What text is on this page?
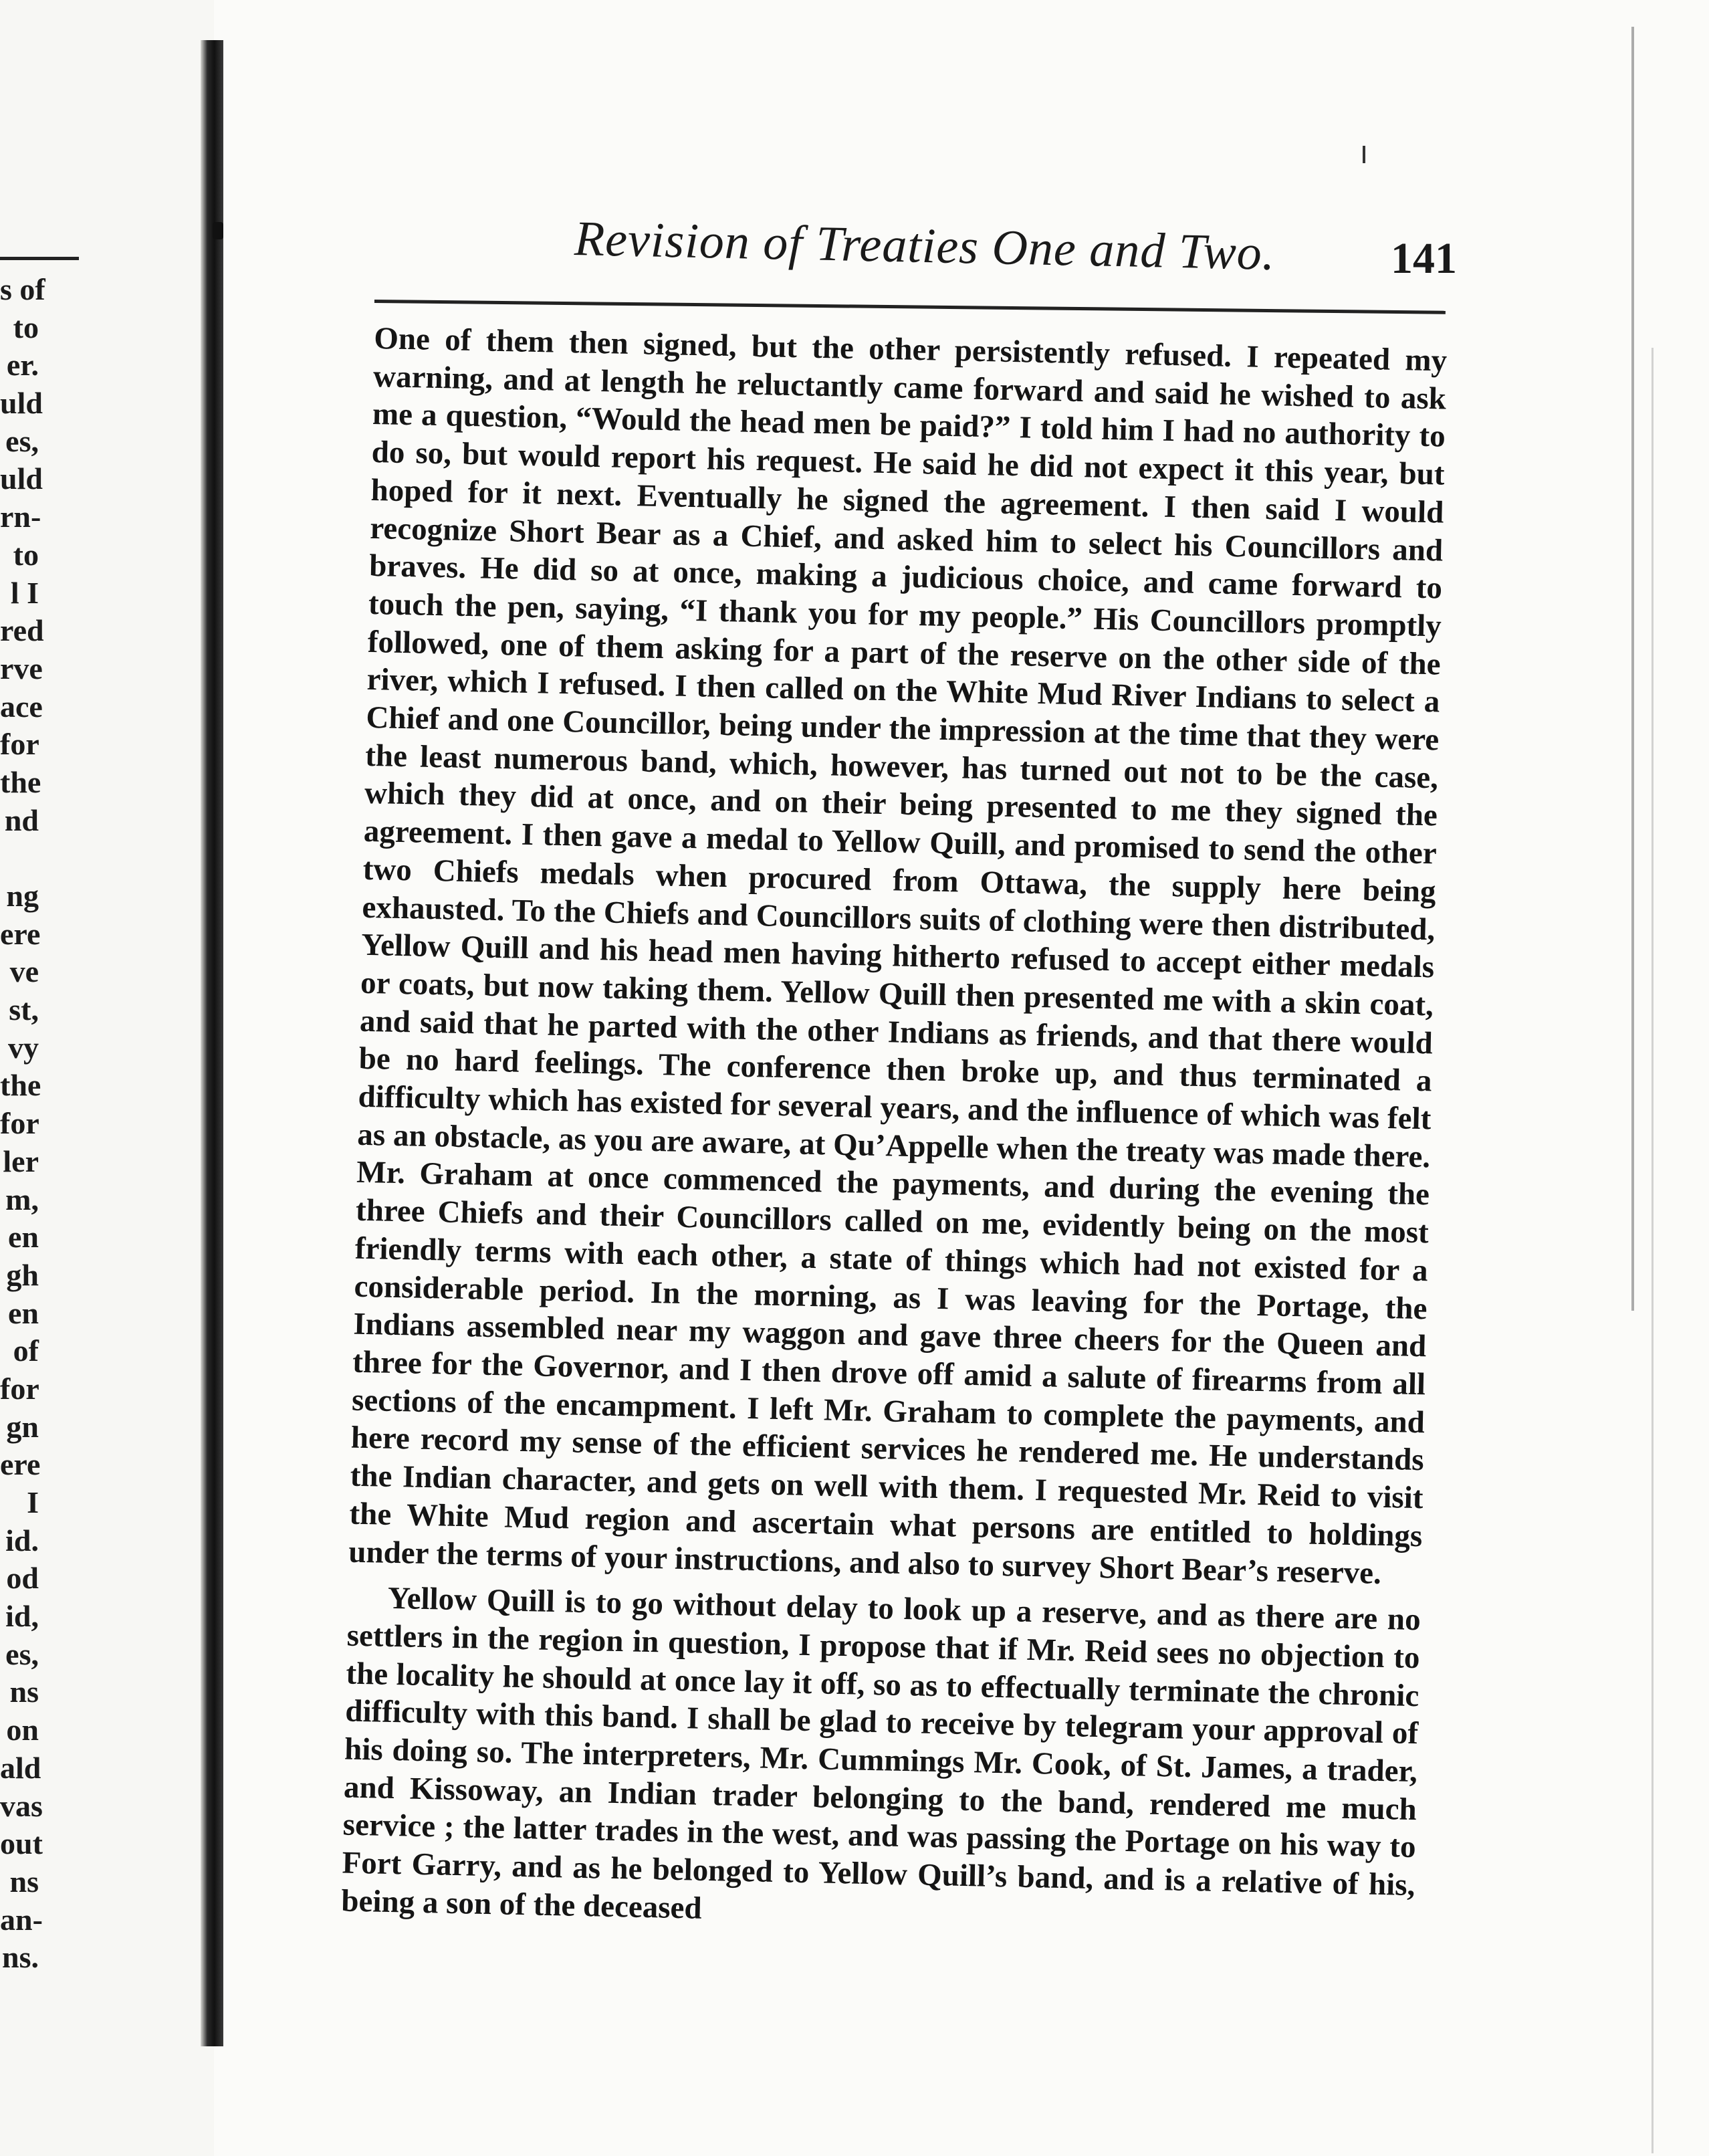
s of
to
er.
uld
es,
uld
rn-
to
l I
red
rve
ace
for
the
nd
ng
ere
ve
st,
vy
the
for
ler
m,
en
gh
en
of
for
gn
ere
I
id.
od
id,
es,
ns
on
ald
vas
out
ns
an-
ns.
Revision of Treaties One and Two.	141

One of them then signed, but the other persistently refused. I repeated my warning, and at length he reluctantly came forward and said he wished to ask me a question, “Would the head men be paid?” I told him I had no authority to do so, but would report his request. He said he did not expect it this year, but hoped for it next. Eventually he signed the agreement. I then said I would recognize Short Bear as a Chief, and asked him to select his Councillors and braves. He did so at once, making a judicious choice, and came forward to touch the pen, saying, “I thank you for my people.” His Councillors promptly followed, one of them asking for a part of the reserve on the other side of the river, which I refused. I then called on the White Mud River Indians to select a Chief and one Councillor, being under the impression at the time that they were the least numerous band, which, however, has turned out not to be the case, which they did at once, and on their being presented to me they signed the agreement. I then gave a medal to Yellow Quill, and promised to send the other two Chiefs medals when procured from Ottawa, the supply here being exhausted. To the Chiefs and Councillors suits of clothing were then distributed, Yellow Quill and his head men having hitherto refused to accept either medals or coats, but now taking them. Yellow Quill then presented me with a skin coat, and said that he parted with the other Indians as friends, and that there would be no hard feelings. The conference then broke up, and thus terminated a difficulty which has existed for several years, and the influence of which was felt as an obstacle, as you are aware, at Qu’Appelle when the treaty was made there. Mr. Graham at once commenced the payments, and during the evening the three Chiefs and their Councillors called on me, evidently being on the most friendly terms with each other, a state of things which had not existed for a considerable period. In the morning, as I was leaving for the Portage, the Indians assembled near my waggon and gave three cheers for the Queen and three for the Governor, and I then drove off amid a salute of firearms from all sections of the encampment. I left Mr. Graham to complete the payments, and here record my sense of the efficient services he rendered me. He understands the Indian character, and gets on well with them. I requested Mr. Reid to visit the White Mud region and ascertain what persons are entitled to holdings under the terms of your instructions, and also to survey Short Bear’s reserve.

Yellow Quill is to go without delay to look up a reserve, and as there are no settlers in the region in question, I propose that if Mr. Reid sees no objection to the locality he should at once lay it off, so as to effectually terminate the chronic difficulty with this band. I shall be glad to receive by telegram your approval of his doing so. The interpreters, Mr. Cummings Mr. Cook, of St. James, a trader, and Kissoway, an Indian trader belonging to the band, rendered me much service ; the latter trades in the west, and was passing the Portage on his way to Fort Garry, and as he belonged to Yellow Quill’s band, and is a relative of his, being a son of the deceased
